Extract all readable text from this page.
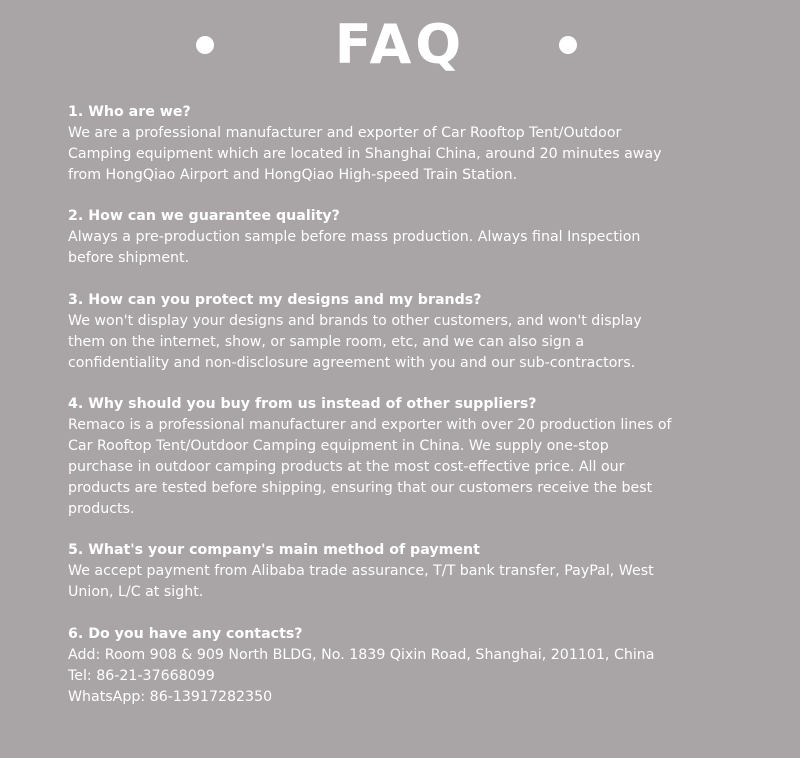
FAQ
1. Who are we?
We are a professional manufacturer and exporter of Car Rooftop Tent/Outdoor
Camping equipment which are located in Shanghai China, around 20 minutes away
from HongQiao Airport and HongQiao High-speed Train Station.
2. How can we guarantee quality?
Always a pre-production sample before mass production. Always final Inspection
before shipment.
3. How can you protect my designs and my brands?
We won't display your designs and brands to other customers, and won't display
them on the internet, show, or sample room, etc, and we can also sign a
confidentiality and non-disclosure agreement with you and our sub-contractors.
4. Why should you buy from us instead of other suppliers?
Remaco is a professional manufacturer and exporter with over 20 production lines of
Car Rooftop Tent/Outdoor Camping equipment in China. We supply one-stop
purchase in outdoor camping products at the most cost-effective price. All our
products are tested before shipping, ensuring that our customers receive the best
products.
5. What's your company's main method of payment
We accept payment from Alibaba trade assurance, T/T bank transfer, PayPal, West
Union, L/C at sight.
6. Do you have any contacts?
Add: Room 908 & 909 North BLDG, No. 1839 Qixin Road, Shanghai, 201101, China
Tel: 86-21-37668099
WhatsApp: 86-13917282350
